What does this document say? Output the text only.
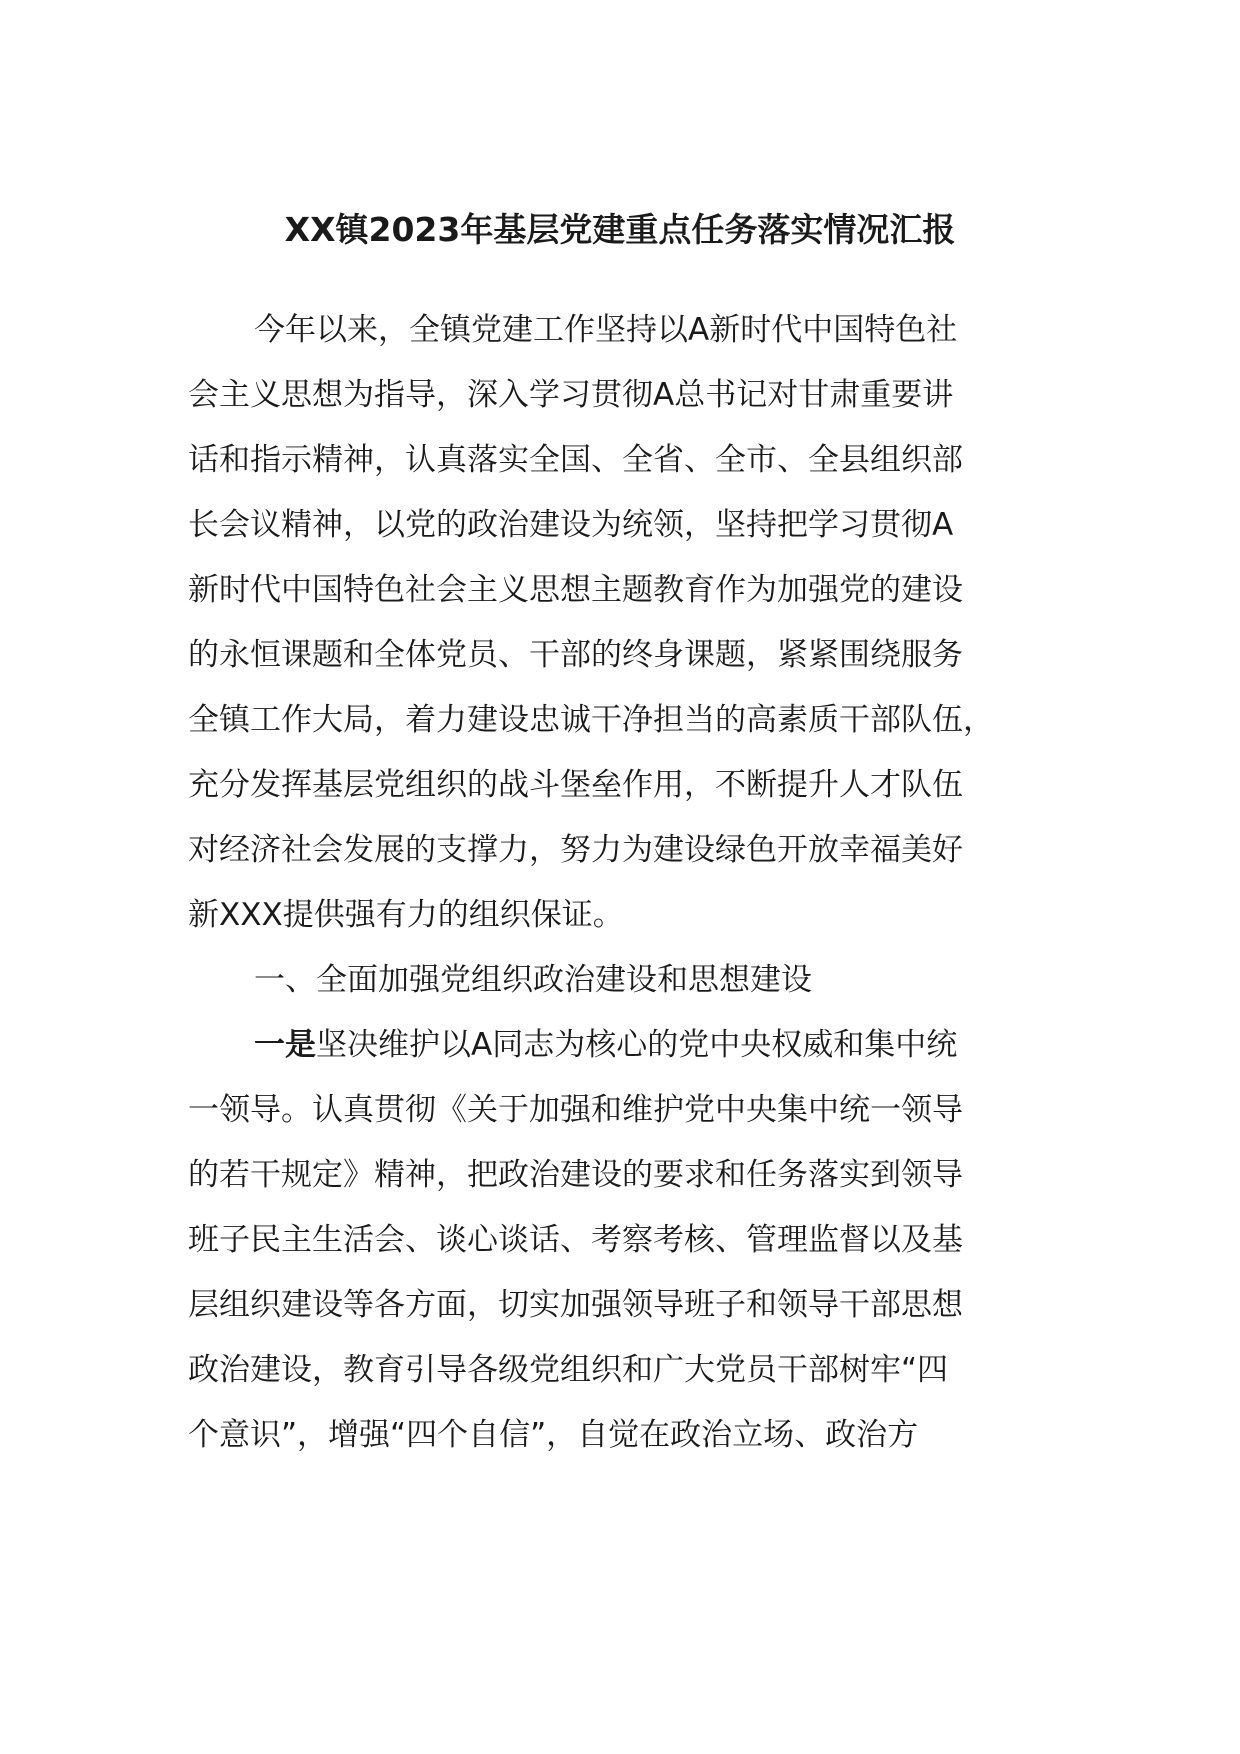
XX镇2023年基层党建重点任务落实情况汇报
今年以来，全镇党建工作坚持以A新时代中国特色社
会主义思想为指导，深入学习贯彻A总书记对甘肃重要讲
话和指示精神，认真落实全国、全省、全市、全县组织部
长会议精神，以党的政治建设为统领，坚持把学习贯彻A
新时代中国特色社会主义思想主题教育作为加强党的建设
的永恒课题和全体党员、干部的终身课题，紧紧围绕服务
全镇工作大局，着力建设忠诚干净担当的高素质干部队伍，
充分发挥基层党组织的战斗堡垒作用，不断提升人才队伍
对经济社会发展的支撑力，努力为建设绿色开放幸福美好
新XXX提供强有力的组织保证。
一、全面加强党组织政治建设和思想建设
一是坚决维护以A同志为核心的党中央权威和集中统
一领导。认真贯彻《关于加强和维护党中央集中统一领导
的若干规定》精神，把政治建设的要求和任务落实到领导
班子民主生活会、谈心谈话、考察考核、管理监督以及基
层组织建设等各方面，切实加强领导班子和领导干部思想
政治建设，教育引导各级党组织和广大党员干部树牢“四
个意识”，增强“四个自信”，自觉在政治立场、政治方
